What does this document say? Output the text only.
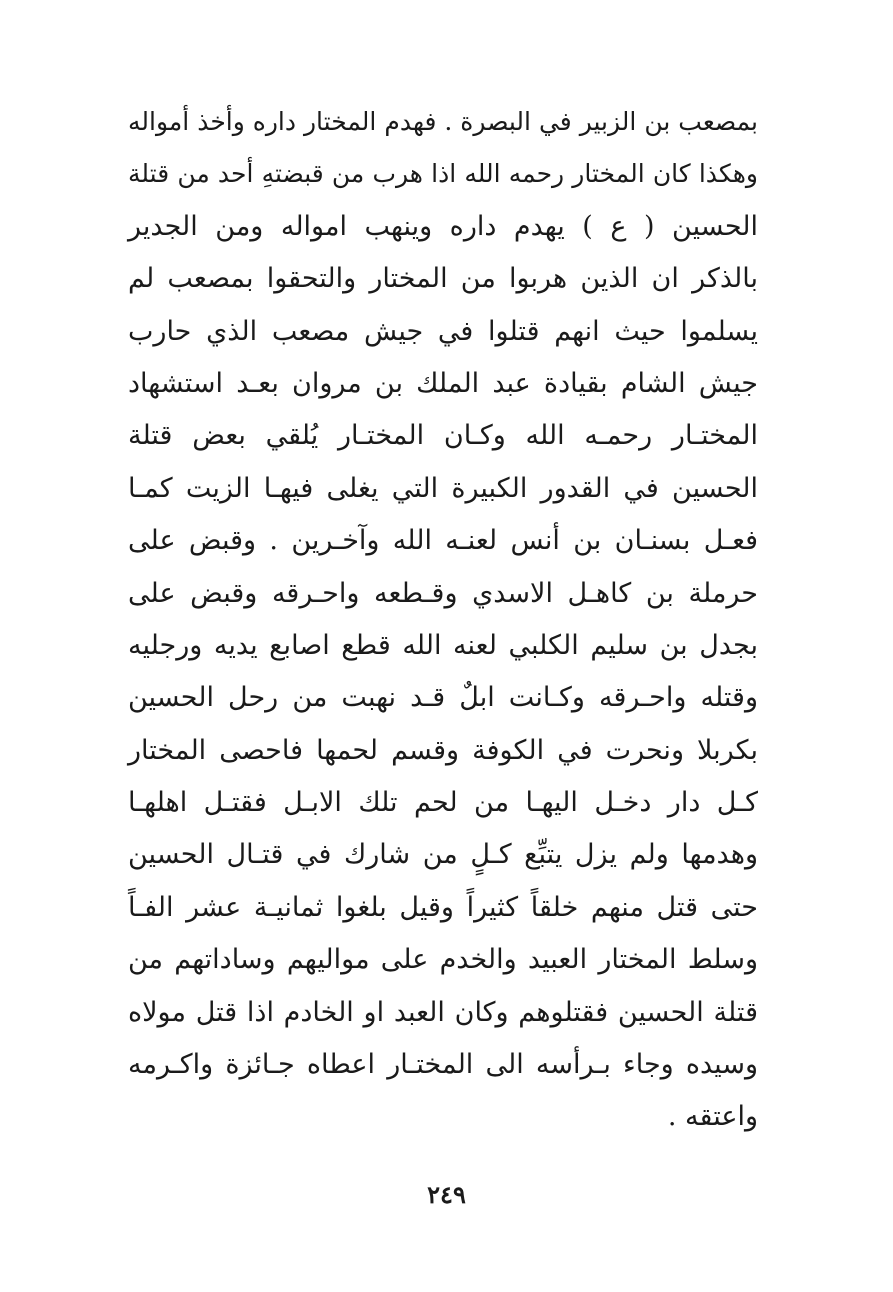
بمصعب بن الزبير في البصرة . فهدم المختار داره وأخذ أمواله
وهكذا كان المختار رحمه الله اذا هرب من قبضتهِ أحد من قتلة
الحسين ( ع ) يهدم داره وينهب امواله ومن الجدير
بالذكر ان الذين هربوا من المختار والتحقوا بمصعب لم
يسلموا حيث انهم قتلوا في جيش مصعب الذي حارب
جيش الشام بقيادة عبد الملك بن مروان بعـد استشهاد
المختـار رحمـه الله وكـان المختـار يُلقي بعض قتلة
الحسين في القدور الكبيرة التي يغلى فيهـا الزيت كمـا
فعـل بسنـان بن أنس لعنـه الله وآخـرين . وقبض على
حرملة بن كاهـل الاسدي وقـطعه واحـرقه وقبض على
بجدل بن سليم الكلبي لعنه الله قطع اصابع يديه ورجليه
وقتله واحـرقه وكـانت ابلٌ قـد نهبت من رحل الحسين
بكربلا ونحرت في الكوفة وقسم لحمها فاحصى المختار
كـل دار دخـل اليهـا من لحم تلك الابـل فقتـل اهلهـا
وهدمها ولم يزل يتبِّع كـلٍ من شارك في قتـال الحسين
حتى قتل منهم خلقاً كثيراً وقيل بلغوا ثمانيـة عشر الفـاً
وسلط المختار العبيد والخدم على مواليهم وساداتهم من
قتلة الحسين فقتلوهم وكان العبد او الخادم اذا قتل مولاه
وسيده وجاء بـرأسه الى المختـار اعطاه جـائزة واكـرمه
واعتقه .
٢٤٩
